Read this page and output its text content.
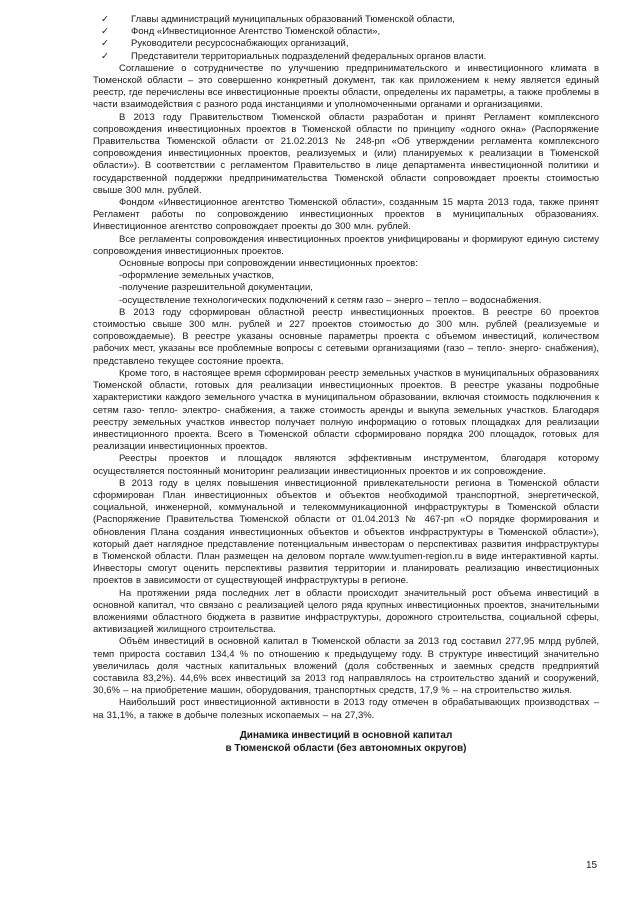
✓ Главы администраций муниципальных образований Тюменской области,
✓ Фонд «Инвестиционное Агентство Тюменской области»,
✓ Руководители ресурсоснабжающих организаций,
✓ Представители территориальных подразделений федеральных органов власти.

Соглашение о сотрудничестве по улучшению предпринимательского и инвестиционного климата в Тюменской области – это совершенно конкретный документ, так как приложением к нему является единый реестр, где перечислены все инвестиционные проекты области, определены их параметры, а также проблемы в части взаимодействия с разного рода инстанциями и уполномоченными органами и организациями.

В 2013 году Правительством Тюменской области разработан и принят Регламент комплексного сопровождения инвестиционных проектов в Тюменской области по принципу «одного окна» (Распоряжение Правительства Тюменской области от 21.02.2013 № 248-рп «Об утверждении регламента комплексного сопровождения инвестиционных проектов, реализуемых и (или) планируемых к реализации в Тюменской области»). В соответствии с регламентом Правительство в лице департамента инвестиционной политики и государственной поддержки предпринимательства Тюменской области сопровождает проекты стоимостью свыше 300 млн. рублей.

Фондом «Инвестиционное агентство Тюменской области», созданным 15 марта 2013 года, также принят Регламент работы по сопровождению инвестиционных проектов в муниципальных образованиях. Инвестиционное агентство сопровождает проекты до 300 млн. рублей.

Все регламенты сопровождения инвестиционных проектов унифицированы и формируют единую систему сопровождения инвестиционных проектов.

Основные вопросы при сопровождении инвестиционных проектов:

-оформление земельных участков,

-получение разрешительной документации,

-осуществление технологических подключений к сетям газо – энерго – тепло – водоснабжения.

В 2013 году сформирован областной реестр инвестиционных проектов. В реестре 60 проектов стоимостью свыше 300 млн. рублей и 227 проектов стоимостью до 300 млн. рублей (реализуемые и сопровождаемые). В реестре указаны основные параметры проекта с объемом инвестиций, количеством рабочих мест, указаны все проблемные вопросы с сетевыми организациями (газо – тепло- энерго- снабжения), представлено текущее состояние проекта.

Кроме того, в настоящее время сформирован реестр земельных участков в муниципальных образованиях Тюменской области, готовых для реализации инвестиционных проектов. В реестре указаны подробные характеристики каждого земельного участка в муниципальном образовании, включая стоимость подключения к сетям газо- тепло- электро- снабжения, а также стоимость аренды и выкупа земельных участков. Благодаря реестру земельных участков инвестор получает полную информацию о готовых площадках для реализации инвестиционного проекта. Всего в Тюменской области сформировано порядка 200 площадок, готовых для реализации инвестиционных проектов.

Реестры проектов и площадок являются эффективным инструментом, благодаря которому осуществляется постоянный мониторинг реализации инвестиционных проектов и их сопровождение.

В 2013 году в целях повышения инвестиционной привлекательности региона в Тюменской области сформирован План инвестиционных объектов и объектов необходимой транспортной, энергетической, социальной, инженерной, коммунальной и телекоммуникационной инфраструктуры в Тюменской области (Распоряжение Правительства Тюменской области от 01.04.2013 № 467-рп «О порядке формирования и обновления Плана создания инвестиционных объектов и объектов инфраструктуры в Тюменской области»), который дает наглядное представление потенциальным инвесторам о перспективах развития инфраструктуры в Тюменской области. План размещен на деловом портале www.tyumen-region.ru в виде интерактивной карты. Инвесторы смогут оценить перспективы развития территории и планировать реализацию инвестиционных проектов в зависимости от существующей инфраструктуры в регионе.

На протяжении ряда последних лет в области происходит значительный рост объема инвестиций в основной капитал, что связано с реализацией целого ряда крупных инвестиционных проектов, значительными вложениями областного бюджета в развитие инфраструктуры, дорожного строительства, социальной сферы, активизацией жилищного строительства.

Объём инвестиций в основной капитал в Тюменской области за 2013 год составил 277,95 млрд рублей, темп прироста составил 134,4 % по отношению к предыдущему году. В структуре инвестиций значительно увеличилась доля частных капитальных вложений (доля собственных и заемных средств предприятий составила 83,2%). 44,6% всех инвестиций за 2013 год направлялось на строительство зданий и сооружений, 30,6% – на приобретение машин, оборудования, транспортных средств, 17,9 % – на строительство жилья.

Наибольший рост инвестиционной активности в 2013 году отмечен в обрабатывающих производствах – на 31,1%, а также в добыче полезных ископаемых – на 27,3%.

Динамика инвестиций в основной капитал
в Тюменской области (без автономных округов)
15
